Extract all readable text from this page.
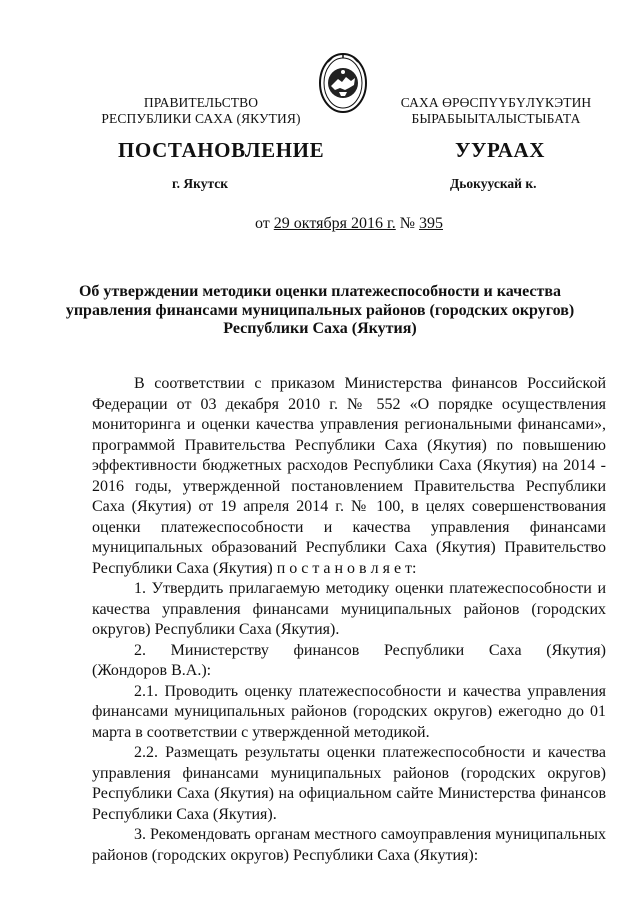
ПРАВИТЕЛЬСТВО
РЕСПУБЛИКИ САХА (ЯКУТИЯ)
САХА ӨРӨСПҮҮБҮЛҮКЭТИН
БЫРАБЫЫТАЛЫСТЫБАТА
ПОСТАНОВЛЕНИЕ	УУРААХ
г. Якутск	Дьокуускай к.
от 29 октября 2016 г. № 395
Об утверждении методики оценки платежеспособности и качества
управления финансами муниципальных районов (городских округов)
Республики Саха (Якутия)

В соответствии с приказом Министерства финансов Российской Федерации от 03 декабря 2010 г. № 552 «О порядке осуществления мониторинга и оценки качества управления региональными финансами», программой Правительства Республики Саха (Якутия) по повышению эффективности бюджетных расходов Республики Саха (Якутия) на 2014 - 2016 годы, утвержденной постановлением Правительства Республики Саха (Якутия) от 19 апреля 2014 г. № 100, в целях совершенствования оценки платежеспособности и качества управления финансами муниципальных образований Республики Саха (Якутия) Правительство Республики Саха (Якутия) п о с т а н о в л я е т:

1. Утвердить прилагаемую методику оценки платежеспособности и качества управления финансами муниципальных районов (городских округов) Республики Саха (Якутия).

2. Министерству финансов Республики Саха (Якутия)

(Жондоров В.А.):

2.1. Проводить оценку платежеспособности и качества управления финансами муниципальных районов (городских округов) ежегодно до 01 марта в соответствии с утвержденной методикой.

2.2. Размещать результаты оценки платежеспособности и качества управления финансами муниципальных районов (городских округов) Республики Саха (Якутия) на официальном сайте Министерства финансов Республики Саха (Якутия).

3. Рекомендовать органам местного самоуправления муниципальных районов (городских округов) Республики Саха (Якутия):
